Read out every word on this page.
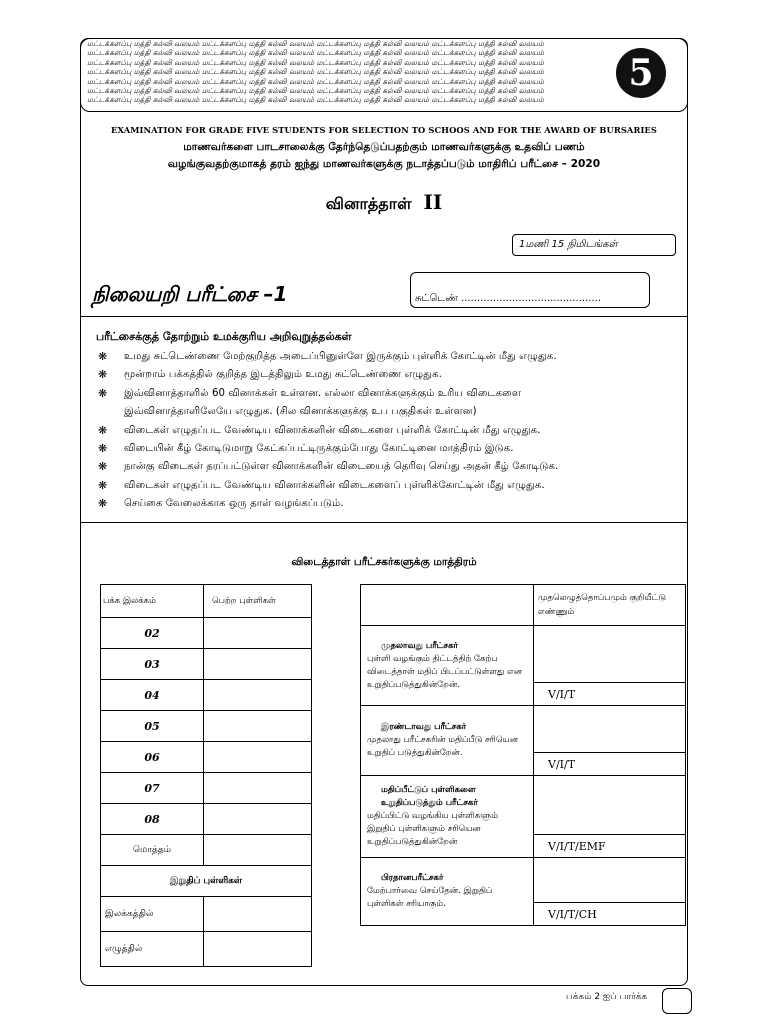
மட்டக்களப்பு மத்தி கல்வி வலயம் மட்டக்களப்பு மத்தி கல்வி வலயம் மட்டக்களப்பு மத்தி கல்வி வலயம் மட்டக்களப்பு மத்தி கல்வி வலயம்
மட்டக்களப்பு மத்தி கல்வி வலயம் மட்டக்களப்பு மத்தி கல்வி வலயம் மட்டக்களப்பு மத்தி கல்வி வலயம் மட்டக்களப்பு மத்தி கல்வி வலயம்
மட்டக்களப்பு மத்தி கல்வி வலயம் மட்டக்களப்பு மத்தி கல்வி வலயம் மட்டக்களப்பு மத்தி கல்வி வலயம் மட்டக்களப்பு மத்தி கல்வி வலயம்
மட்டக்களப்பு மத்தி கல்வி வலயம் மட்டக்களப்பு மத்தி கல்வி வலயம் மட்டக்களப்பு மத்தி கல்வி வலயம் மட்டக்களப்பு மத்தி கல்வி வலயம்
மட்டக்களப்பு மத்தி கல்வி வலயம் மட்டக்களப்பு மத்தி கல்வி வலயம் மட்டக்களப்பு மத்தி கல்வி வலயம் மட்டக்களப்பு மத்தி கல்வி வலயம்
மட்டக்களப்பு மத்தி கல்வி வலயம் மட்டக்களப்பு மத்தி கல்வி வலயம் மட்டக்களப்பு மத்தி கல்வி வலயம் மட்டக்களப்பு மத்தி கல்வி வலயம்
மட்டக்களப்பு மத்தி கல்வி வலயம் மட்டக்களப்பு மத்தி கல்வி வலயம் மட்டக்களப்பு மத்தி கல்வி வலயம் மட்டக்களப்பு மத்தி கல்வி வலயம்
5
EXAMINATION FOR GRADE FIVE STUDENTS FOR SELECTION TO SCHOOS AND FOR THE AWARD OF BURSARIES
மாணவர்களை பாடசாலைக்கு தேர்ந்தெடுப்பதற்கும் மாணவர்களுக்கு உதவிப் பணம்
வழங்குவதற்குமாகத் தரம் ஐந்து மாணவர்களுக்கு நடாத்தப்படும் மாதிரிப் பரீட்சை – 2020
வினாத்தாள் II
1மணி 15 நிமிடங்கள்
நிலையறி பரீட்சை –1	சுட்டெண் ............................................
பரீட்சைக்குத் தோற்றும் உமக்குரிய அறிவுறுத்தல்கள்
❋ உமது சுட்டெண்ணை மேற்குறித்த அடைப்பினுள்ளே இருக்கும் புள்ளிக் கோட்டின் மீது எழுதுக.
❋ மூன்றாம் பக்கத்தில் குறித்த இடத்திலும் உமது சுட்டெண்ணை எழுதுக.
❋ இவ்வினாத்தாளில் 60 வினாக்கள் உள்ளன. எல்லா வினாக்களுக்கும் உரிய விடைகளை
இவ்வினாத்தாளிலேயே எழுதுக. (சில வினாக்களுக்கு உப பகுதிகள் உள்ளன)
❋ விடைகள் எழுதப்பட வேண்டிய வினாக்களின் விடைகளை புள்ளிக் கோட்டின் மீது எழுதுக.
❋ விடையின் கீழ் கோடிடுமாறு கேட்கப்பட்டிருக்கும்போது கோட்டினை மாத்திரம் இடுக.
❋ நான்கு விடைகள் தரப்பட்டுள்ள வினாக்களின் விடையைத் தெரிவு செய்து அதன் கீழ் கோடிடுக.
❋ விடைகள் எழுதப்பட வேண்டிய வினாக்களின் விடைகளைப் புள்ளிக்கோட்டின் மீது எழுதுக.
❋ செய்கை வேலைக்காக ஒரு தாள் வழங்கப்படும்.
விடைத்தாள் பரீட்சகர்களுக்கு மாத்திரம்
பக்க இலக்கம்	பெற்ற புள்ளிகள்
02	
03	
04	
05	
06	
07	
08	
மொத்தம்	
இறுதிப் புள்ளிகள்	
இலக்கத்தில்	
எழுத்தில்	
	முதலெழுத்தொப்பமும் குறியீட்டு எண்ணும்

முதலாவது பரீட்சகர்
புள்ளி வழங்கும் திட்டத்திற் கேற்ப விடைத்தாள் மதிப் பிடப்பட்டுள்ளது என உறுதிப்படுத்துகின்றேன்.	
	V/I/T

இரண்டாவது பரீட்சகர்
முதலாது பரீட்சகரின் மதிப்பீடு சரியென உறுதிப் படுத்துகின்றேன்.	
	V/I/T

மதிப்பீட்டுப் புள்ளிகளை உறுதிப்படுத்தும் பரீட்சகர்
மதிப்பிட்டு வழங்கிய புள்ளிகளும் இறுதிப் புள்ளிகளும் சரியென உறுதிப்படுத்துகின்றேன்	
	V/I/T/EMF

பிரதானபரீட்சகர்
மேற்பார்வை செய்தேன். இறுதிப் புள்ளிகள் சரியாகும்.	
	V/I/T/CH
பக்கம் 2 ஐப் பார்க்க
